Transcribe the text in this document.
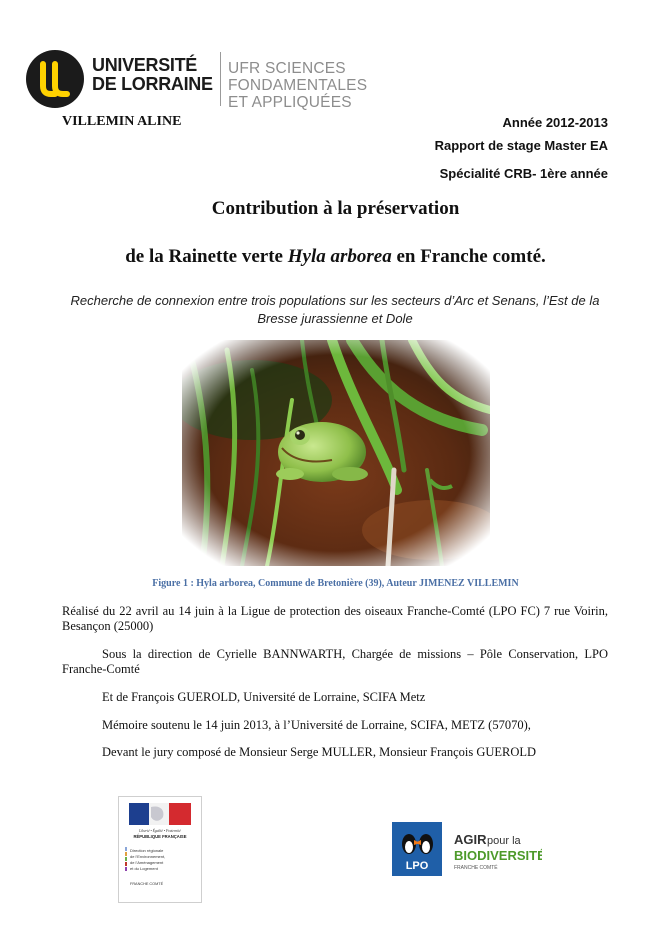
UNIVERSITÉ
DE LORRAINE
UFR SCIENCES FONDAMENTALES
ET APPLIQUÉES
VILLEMIN ALINE	Année 2012-2013
Rapport de stage Master EA
Spécialité CRB- 1ère année
Contribution à la préservation
de la Rainette verte Hyla arborea en Franche comté.
Recherche de connexion entre trois populations sur les secteurs d’Arc et Senans, l’Est de la Bresse jurassienne et Dole
Figure 1 : Hyla arborea, Commune de Bretonière (39), Auteur JIMENEZ VILLEMIN
Réalisé du 22 avril au 14 juin à la Ligue de protection des oiseaux Franche-Comté (LPO FC) 7 rue Voirin, Besançon (25000)
Sous la direction de Cyrielle BANNWARTH, Chargée de missions – Pôle Conservation, LPO Franche-Comté
Et de François GUEROLD, Université de Lorraine, SCIFA Metz
Mémoire soutenu le 14 juin 2013, à l’Université de Lorraine, SCIFA, METZ (57070),
Devant le jury composé de Monsieur Serge MULLER, Monsieur François GUEROLD
Liberté • Égalité • Fraternité
RÉPUBLIQUE FRANÇAISE
Direction régionale
de l'Environnement,
de l'Aménagement
et du Logement
FRANCHE COMTÉ
LPO
AGIR pour la
BIODIVERSITÉ
FRANCHE COMTÉ
